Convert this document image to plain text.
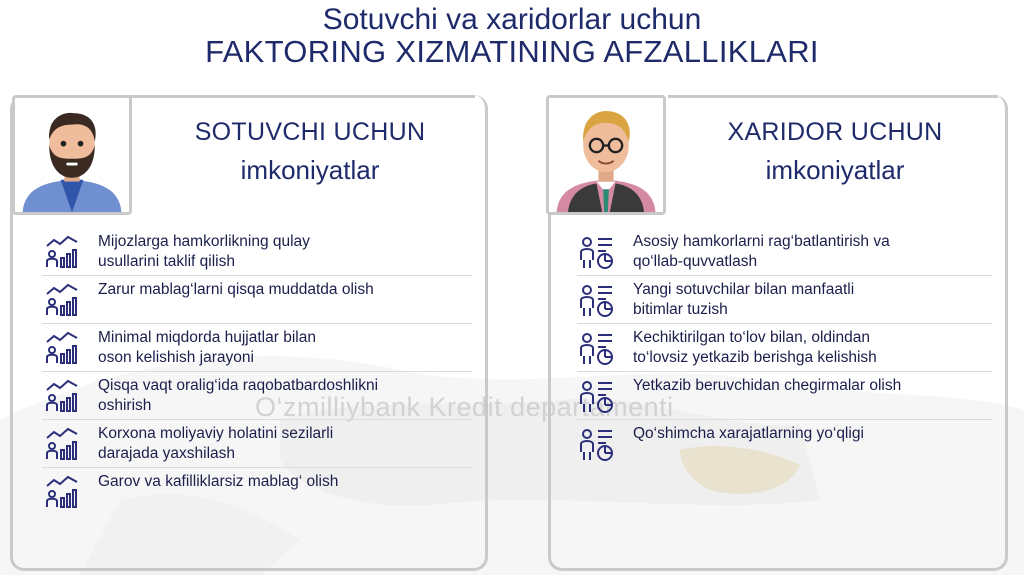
Sotuvchi va xaridorlar uchun
FAKTORING XIZMATINING AFZALLIKLARI
O‘zmilliybank Kredit departamenti
SOTUVCHI UCHUN
imkoniyatlar
Mijozlarga hamkorlikning qulay
usullarini taklif qilish
Zarur mablag‘larni qisqa muddatda olish
Minimal miqdorda hujjatlar bilan
oson kelishish jarayoni
Qisqa vaqt oralig‘ida raqobatbardoshlikni
oshirish
Korxona moliyaviy holatini sezilarli
darajada yaxshilash
Garov va kafilliklarsiz mablag‘ olish
XARIDOR UCHUN
imkoniyatlar
Asosiy hamkorlarni rag‘batlantirish va
qo‘llab-quvvatlash
Yangi sotuvchilar bilan manfaatli
bitimlar tuzish
Kechiktirilgan to‘lov bilan, oldindan
to‘lovsiz yetkazib berishga kelishish
Yetkazib beruvchidan chegirmalar olish
Qo‘shimcha xarajatlarning yo‘qligi
